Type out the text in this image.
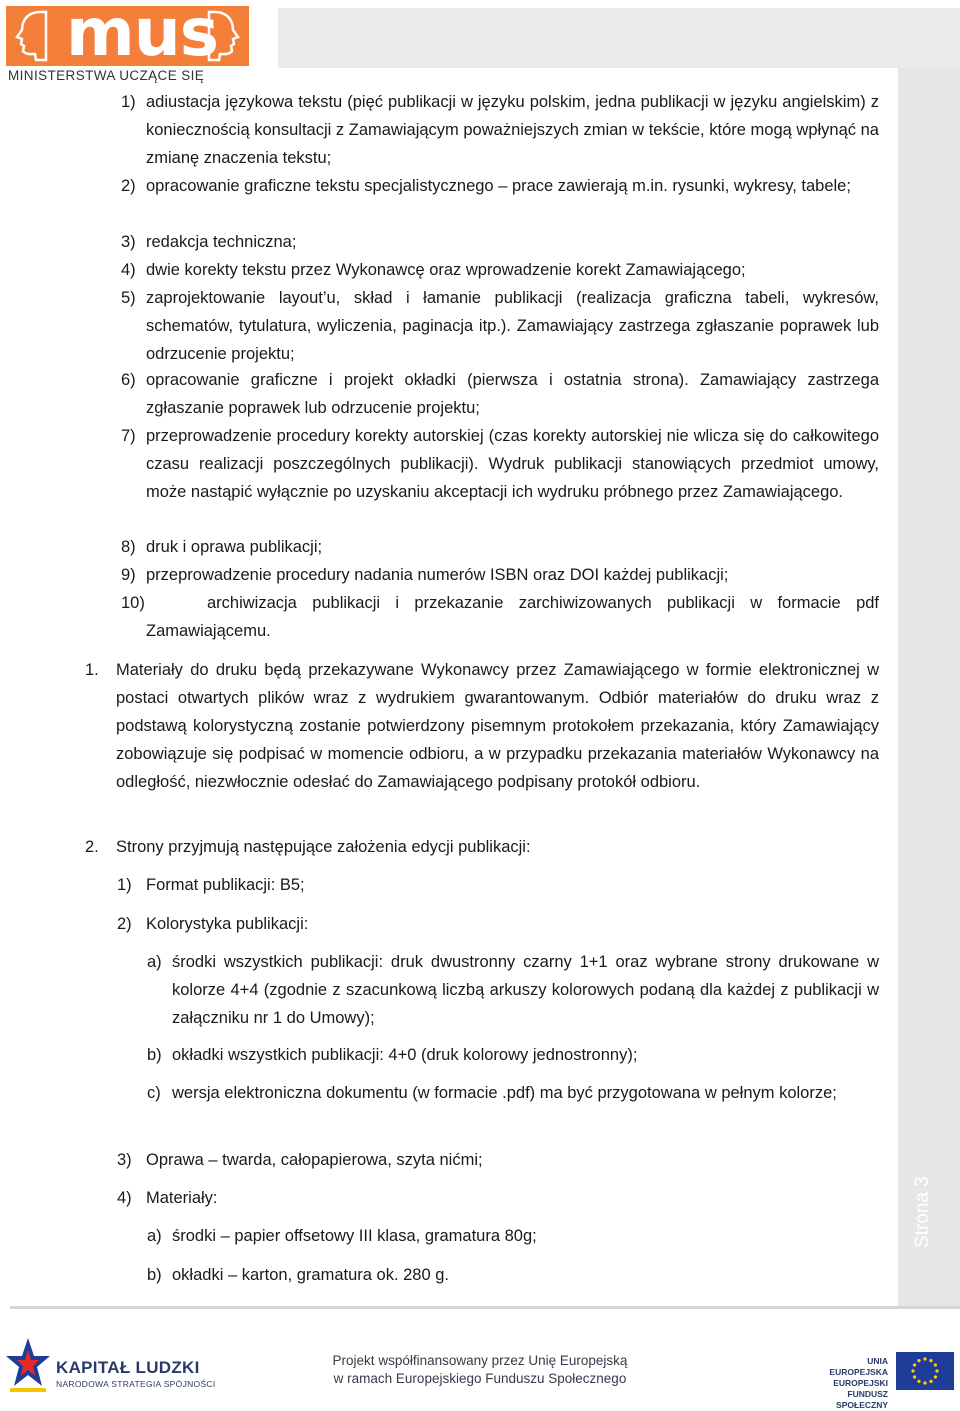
mus
MINISTERSTWA UCZĄCE SIĘ
Strona 3
1) adiustacja językowa tekstu (pięć publikacji w języku polskim, jedna publikacji w języku angielskim) z koniecznością konsultacji z Zamawiającym poważniejszych zmian w tekście, które mogą wpłynąć na zmianę znaczenia tekstu;
2) opracowanie graficzne tekstu specjalistycznego – prace zawierają m.in. rysunki, wykresy, tabele;
3) redakcja techniczna;
4) dwie korekty tekstu przez Wykonawcę oraz wprowadzenie korekt Zamawiającego;
5) zaprojektowanie layout’u, skład i łamanie publikacji (realizacja graficzna tabeli, wykresów, schematów, tytulatura, wyliczenia, paginacja itp.). Zamawiający zastrzega zgłaszanie poprawek lub odrzucenie projektu;
6) opracowanie graficzne i projekt okładki (pierwsza i ostatnia strona). Zamawiający zastrzega zgłaszanie poprawek lub odrzucenie projektu;
7) przeprowadzenie procedury korekty autorskiej (czas korekty autorskiej nie wlicza się do całkowitego czasu realizacji poszczególnych publikacji). Wydruk publikacji stanowiących przedmiot umowy, może nastąpić wyłącznie po uzyskaniu akceptacji ich wydruku próbnego przez Zamawiającego.
8) druk i oprawa publikacji;
9) przeprowadzenie procedury nadania numerów ISBN oraz DOI każdej publikacji;
10)	archiwizacja publikacji i przekazanie zarchiwizowanych publikacji w formacie pdf Zamawiającemu.
1.	Materiały do druku będą przekazywane Wykonawcy przez Zamawiającego w formie elektronicznej w postaci otwartych plików wraz z wydrukiem gwarantowanym. Odbiór materiałów do druku wraz z podstawą kolorystyczną zostanie potwierdzony pisemnym protokołem przekazania, który Zamawiający zobowiązuje się podpisać w momencie odbioru, a w przypadku przekazania materiałów Wykonawcy na odległość, niezwłocznie odesłać do Zamawiającego podpisany protokół odbioru.
2.	Strony przyjmują następujące założenia edycji publikacji:
1) Format publikacji: B5;
2) Kolorystyka publikacji:
a) środki wszystkich publikacji: druk dwustronny czarny 1+1 oraz wybrane strony drukowane w kolorze 4+4 (zgodnie z szacunkową liczbą arkuszy kolorowych podaną dla każdej z publikacji w załączniku nr 1 do Umowy);
b) okładki wszystkich publikacji: 4+0 (druk kolorowy jednostronny);
c) wersja elektroniczna dokumentu (w formacie .pdf) ma być przygotowana w pełnym kolorze;
3) Oprawa – twarda, całopapierowa, szyta nićmi;
4) Materiały:
a) środki – papier offsetowy III klasa, gramatura 80g;
b) okładki – karton, gramatura ok. 280 g.
KAPITAŁ LUDZKI
NARODOWA STRATEGIA SPÓJNOŚCI
Projekt współfinansowany przez Unię Europejską
w ramach Europejskiego Funduszu Społecznego
UNIA EUROPEJSKA
EUROPEJSKI
FUNDUSZ SPOŁECZNY
